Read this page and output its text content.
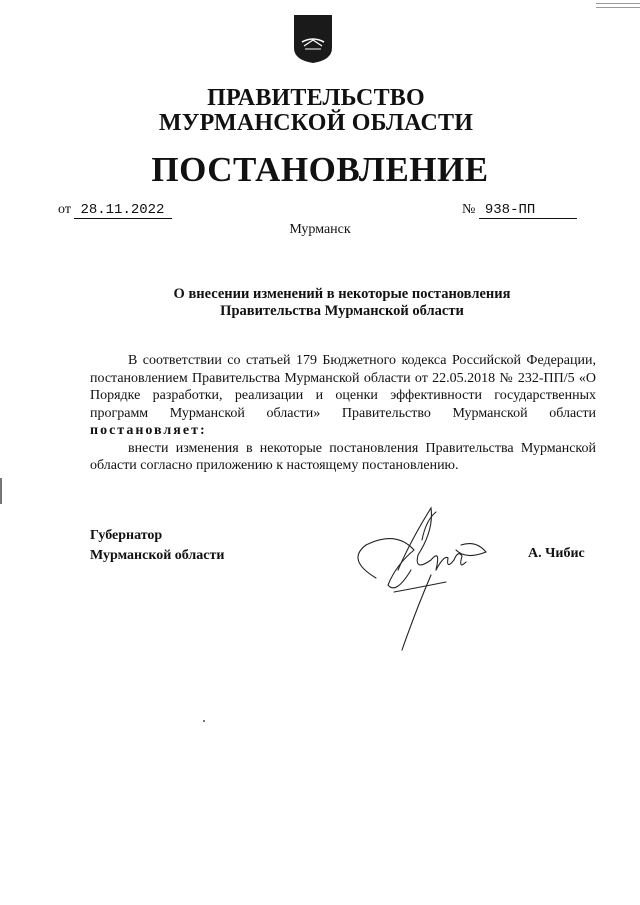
ПРАВИТЕЛЬСТВО
МУРМАНСКОЙ ОБЛАСТИ
ПОСТАНОВЛЕНИЕ
от 28.11.2022	№ 938-ПП
Мурманск
О внесении изменений в некоторые постановления
Правительства Мурманской области

В соответствии со статьей 179 Бюджетного кодекса Российской Федерации, постановлением Правительства Мурманской области от 22.05.2018 № 232-ПП/5 «О Порядке разработки, реализации и оценки эффективности государственных программ Мурманской области» Правительство Мурманской области постановляет:

внести изменения в некоторые постановления Правительства Мурманской области согласно приложению к настоящему постановлению.

Губернатор
Мурманской области	А. Чибис
